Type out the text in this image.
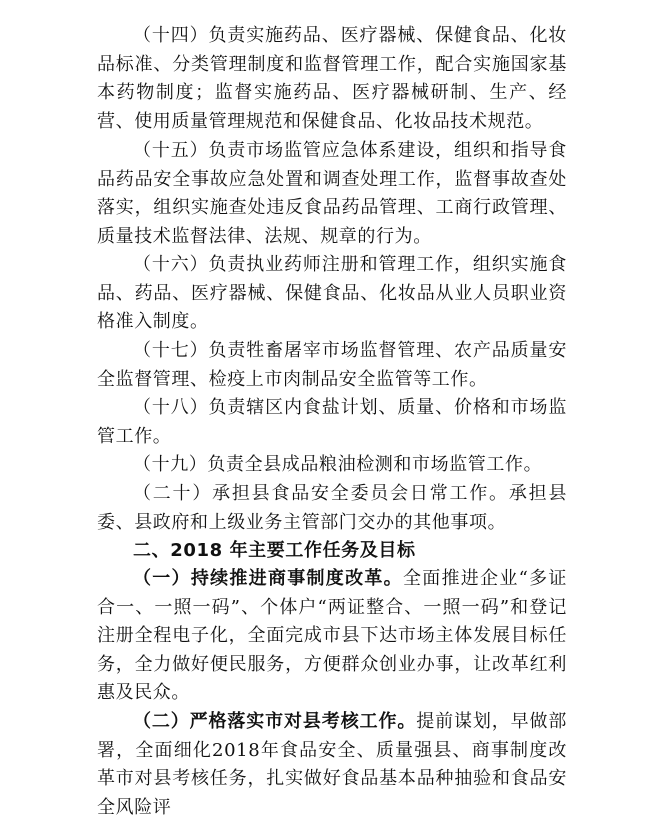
（十四）负责实施药品、医疗器械、保健食品、化妆品标准、分类管理制度和监督管理工作，配合实施国家基本药物制度；监督实施药品、医疗器械研制、生产、经营、使用质量管理规范和保健食品、化妆品技术规范。

（十五）负责市场监管应急体系建设，组织和指导食品药品安全事故应急处置和调查处理工作，监督事故查处落实，组织实施查处违反食品药品管理、工商行政管理、质量技术监督法律、法规、规章的行为。

（十六）负责执业药师注册和管理工作，组织实施食品、药品、医疗器械、保健食品、化妆品从业人员职业资格准入制度。

（十七）负责牲畜屠宰市场监督管理、农产品质量安全监督管理、检疫上市肉制品安全监管等工作。

（十八）负责辖区内食盐计划、质量、价格和市场监管工作。

（十九）负责全县成品粮油检测和市场监管工作。

（二十）承担县食品安全委员会日常工作。承担县委、县政府和上级业务主管部门交办的其他事项。

二、2018 年主要工作任务及目标

（一）持续推进商事制度改革。全面推进企业“多证合一、一照一码”、个体户“两证整合、一照一码”和登记注册全程电子化，全面完成市县下达市场主体发展目标任务，全力做好便民服务，方便群众创业办事，让改革红利惠及民众。

（二）严格落实市对县考核工作。提前谋划，早做部署，全面细化2018年食品安全、质量强县、商事制度改革市对县考核任务，扎实做好食品基本品种抽验和食品安全风险评
